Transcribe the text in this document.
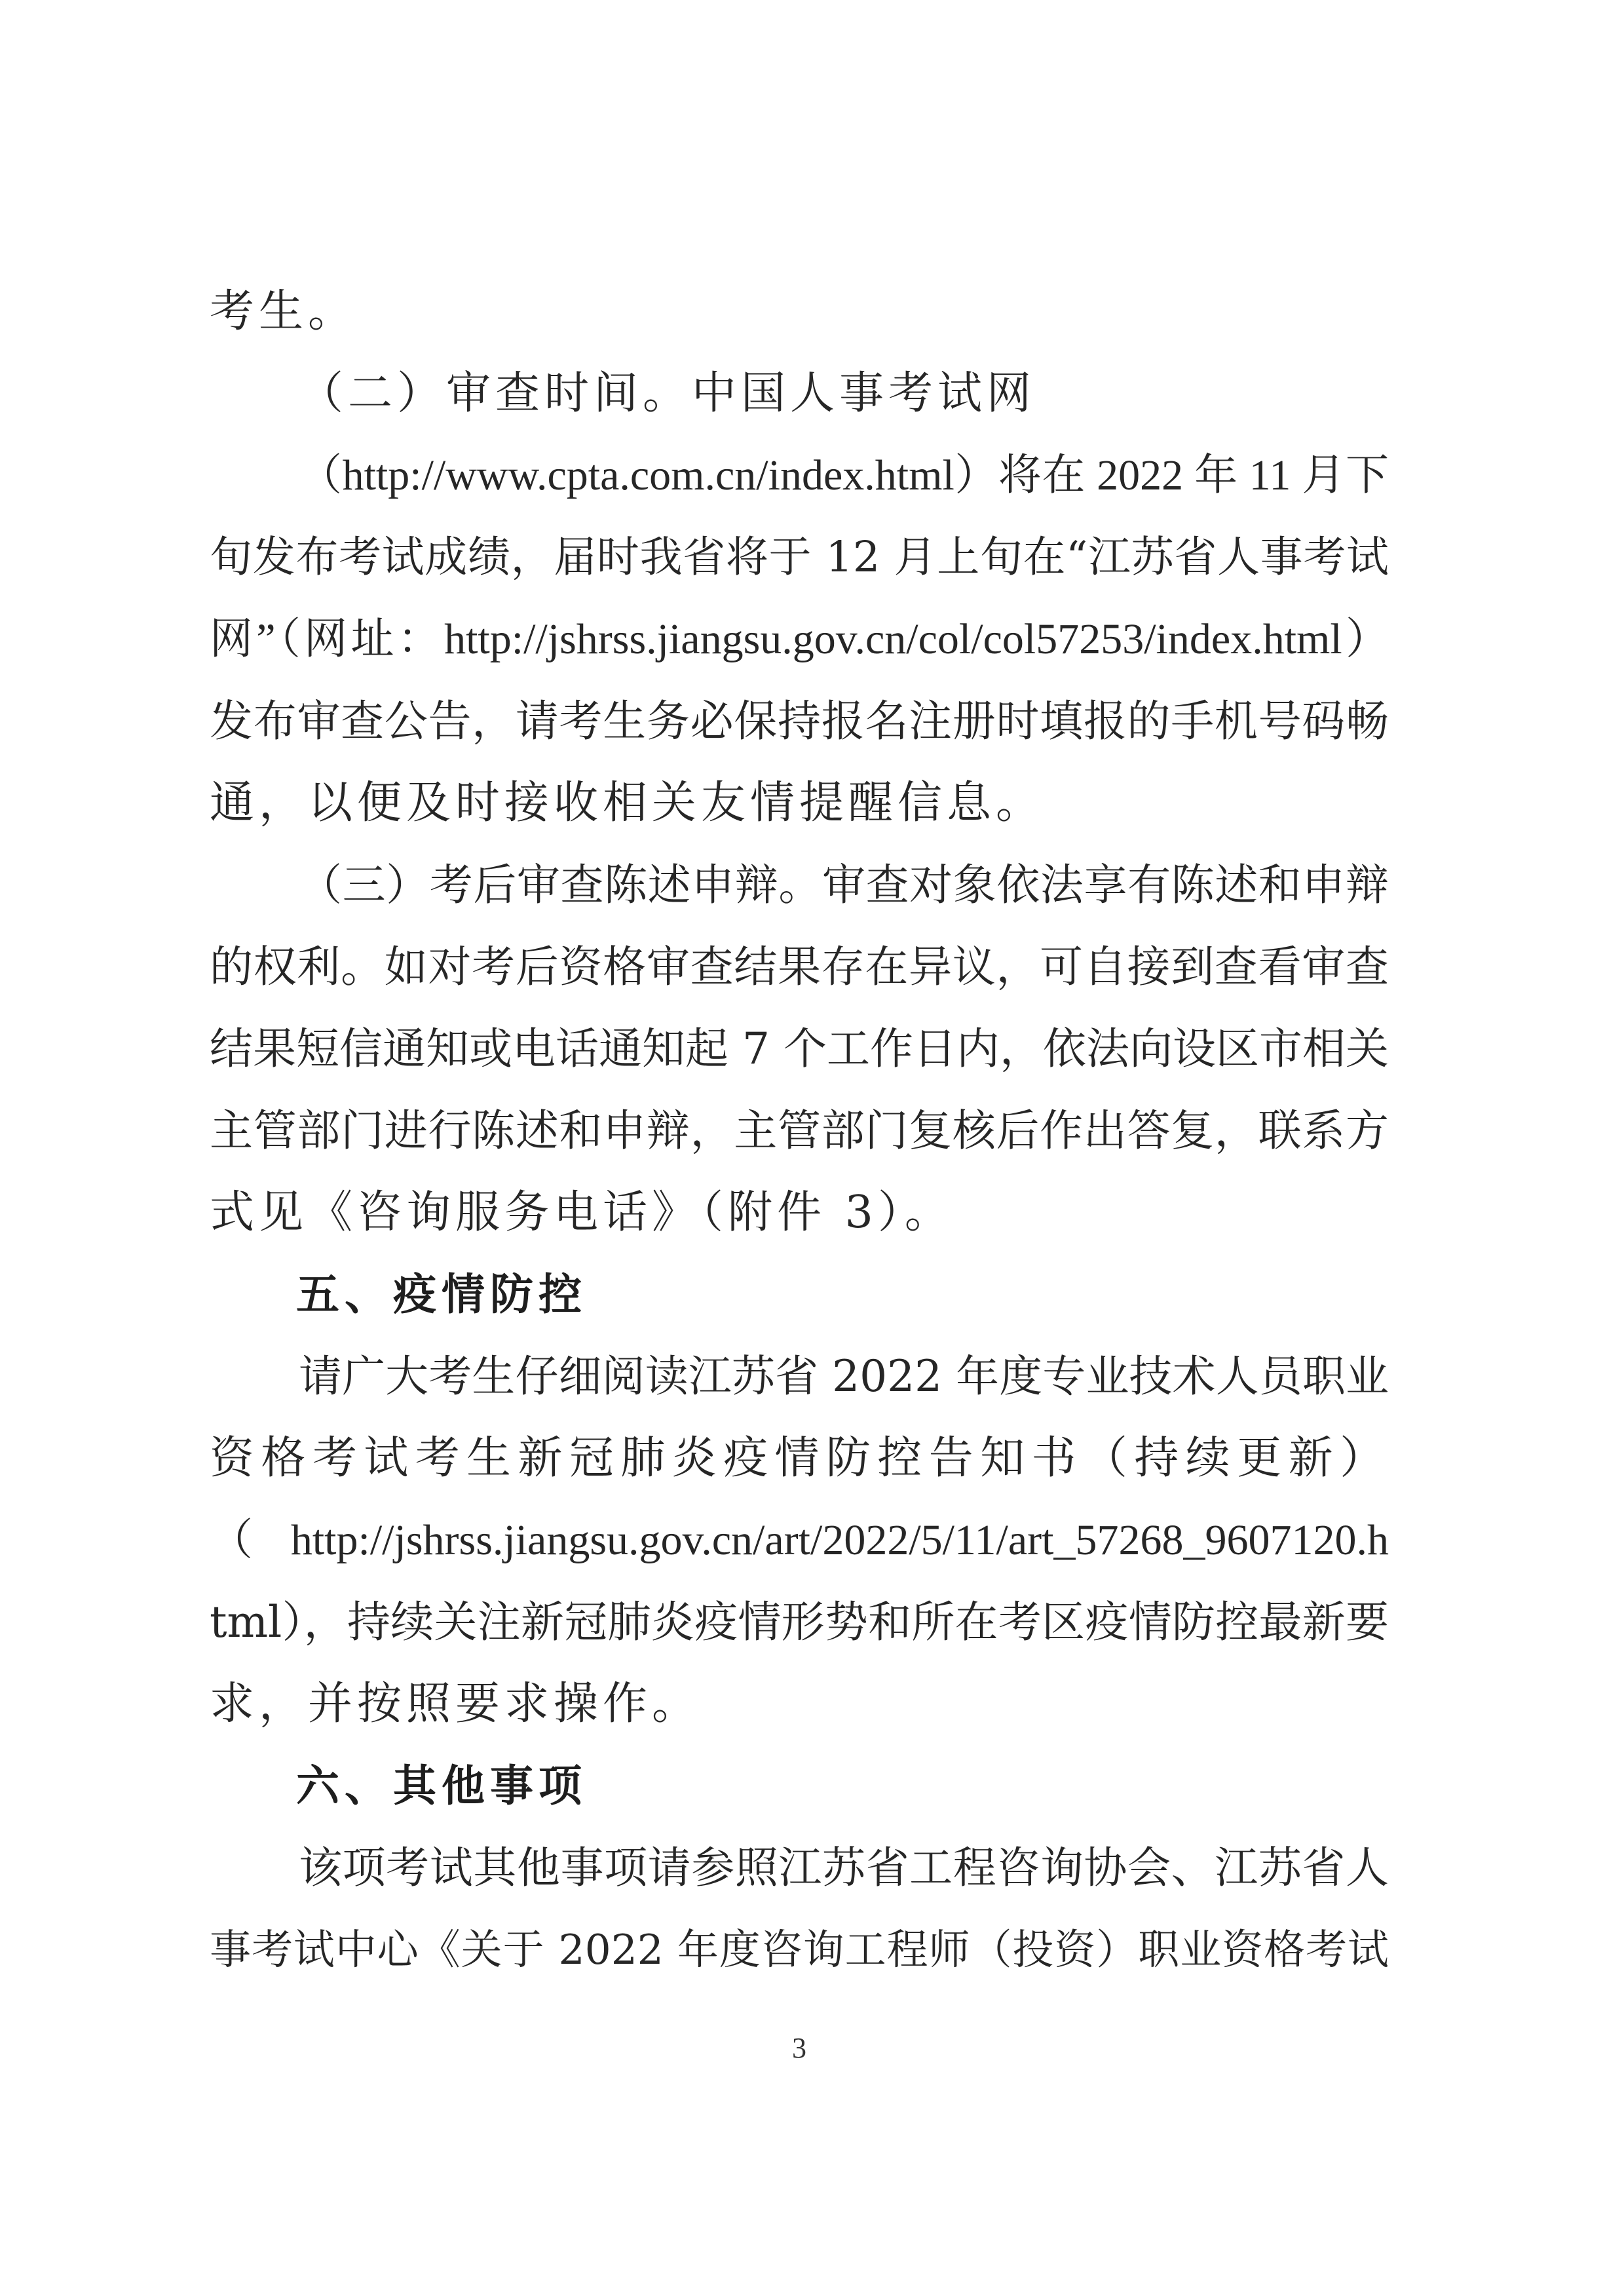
考生。
（二）审查时间。中国人事考试网
（http://www.cpta.com.cn/index.html）将在 2022 年 11 月下
旬发布考试成绩，届时我省将于 12 月上旬在“江苏省人事考试
网”（网址：http://jshrss.jiangsu.gov.cn/col/col57253/index.html）
发布审查公告，请考生务必保持报名注册时填报的手机号码畅
通，以便及时接收相关友情提醒信息。
（三）考后审查陈述申辩。审查对象依法享有陈述和申辩
的权利。如对考后资格审查结果存在异议，可自接到查看审查
结果短信通知或电话通知起 7 个工作日内，依法向设区市相关
主管部门进行陈述和申辩，主管部门复核后作出答复，联系方
式见《咨询服务电话》（附件 3）。
五、疫情防控
请广大考生仔细阅读江苏省 2022 年度专业技术人员职业
资格考试考生新冠肺炎疫情防控告知书（持续更新）
（http://jshrss.jiangsu.gov.cn/art/2022/5/11/art_57268_9607120.h
tml），持续关注新冠肺炎疫情形势和所在考区疫情防控最新要
求，并按照要求操作。
六、其他事项
该项考试其他事项请参照江苏省工程咨询协会、江苏省人
事考试中心《关于 2022 年度咨询工程师（投资）职业资格考试
3
